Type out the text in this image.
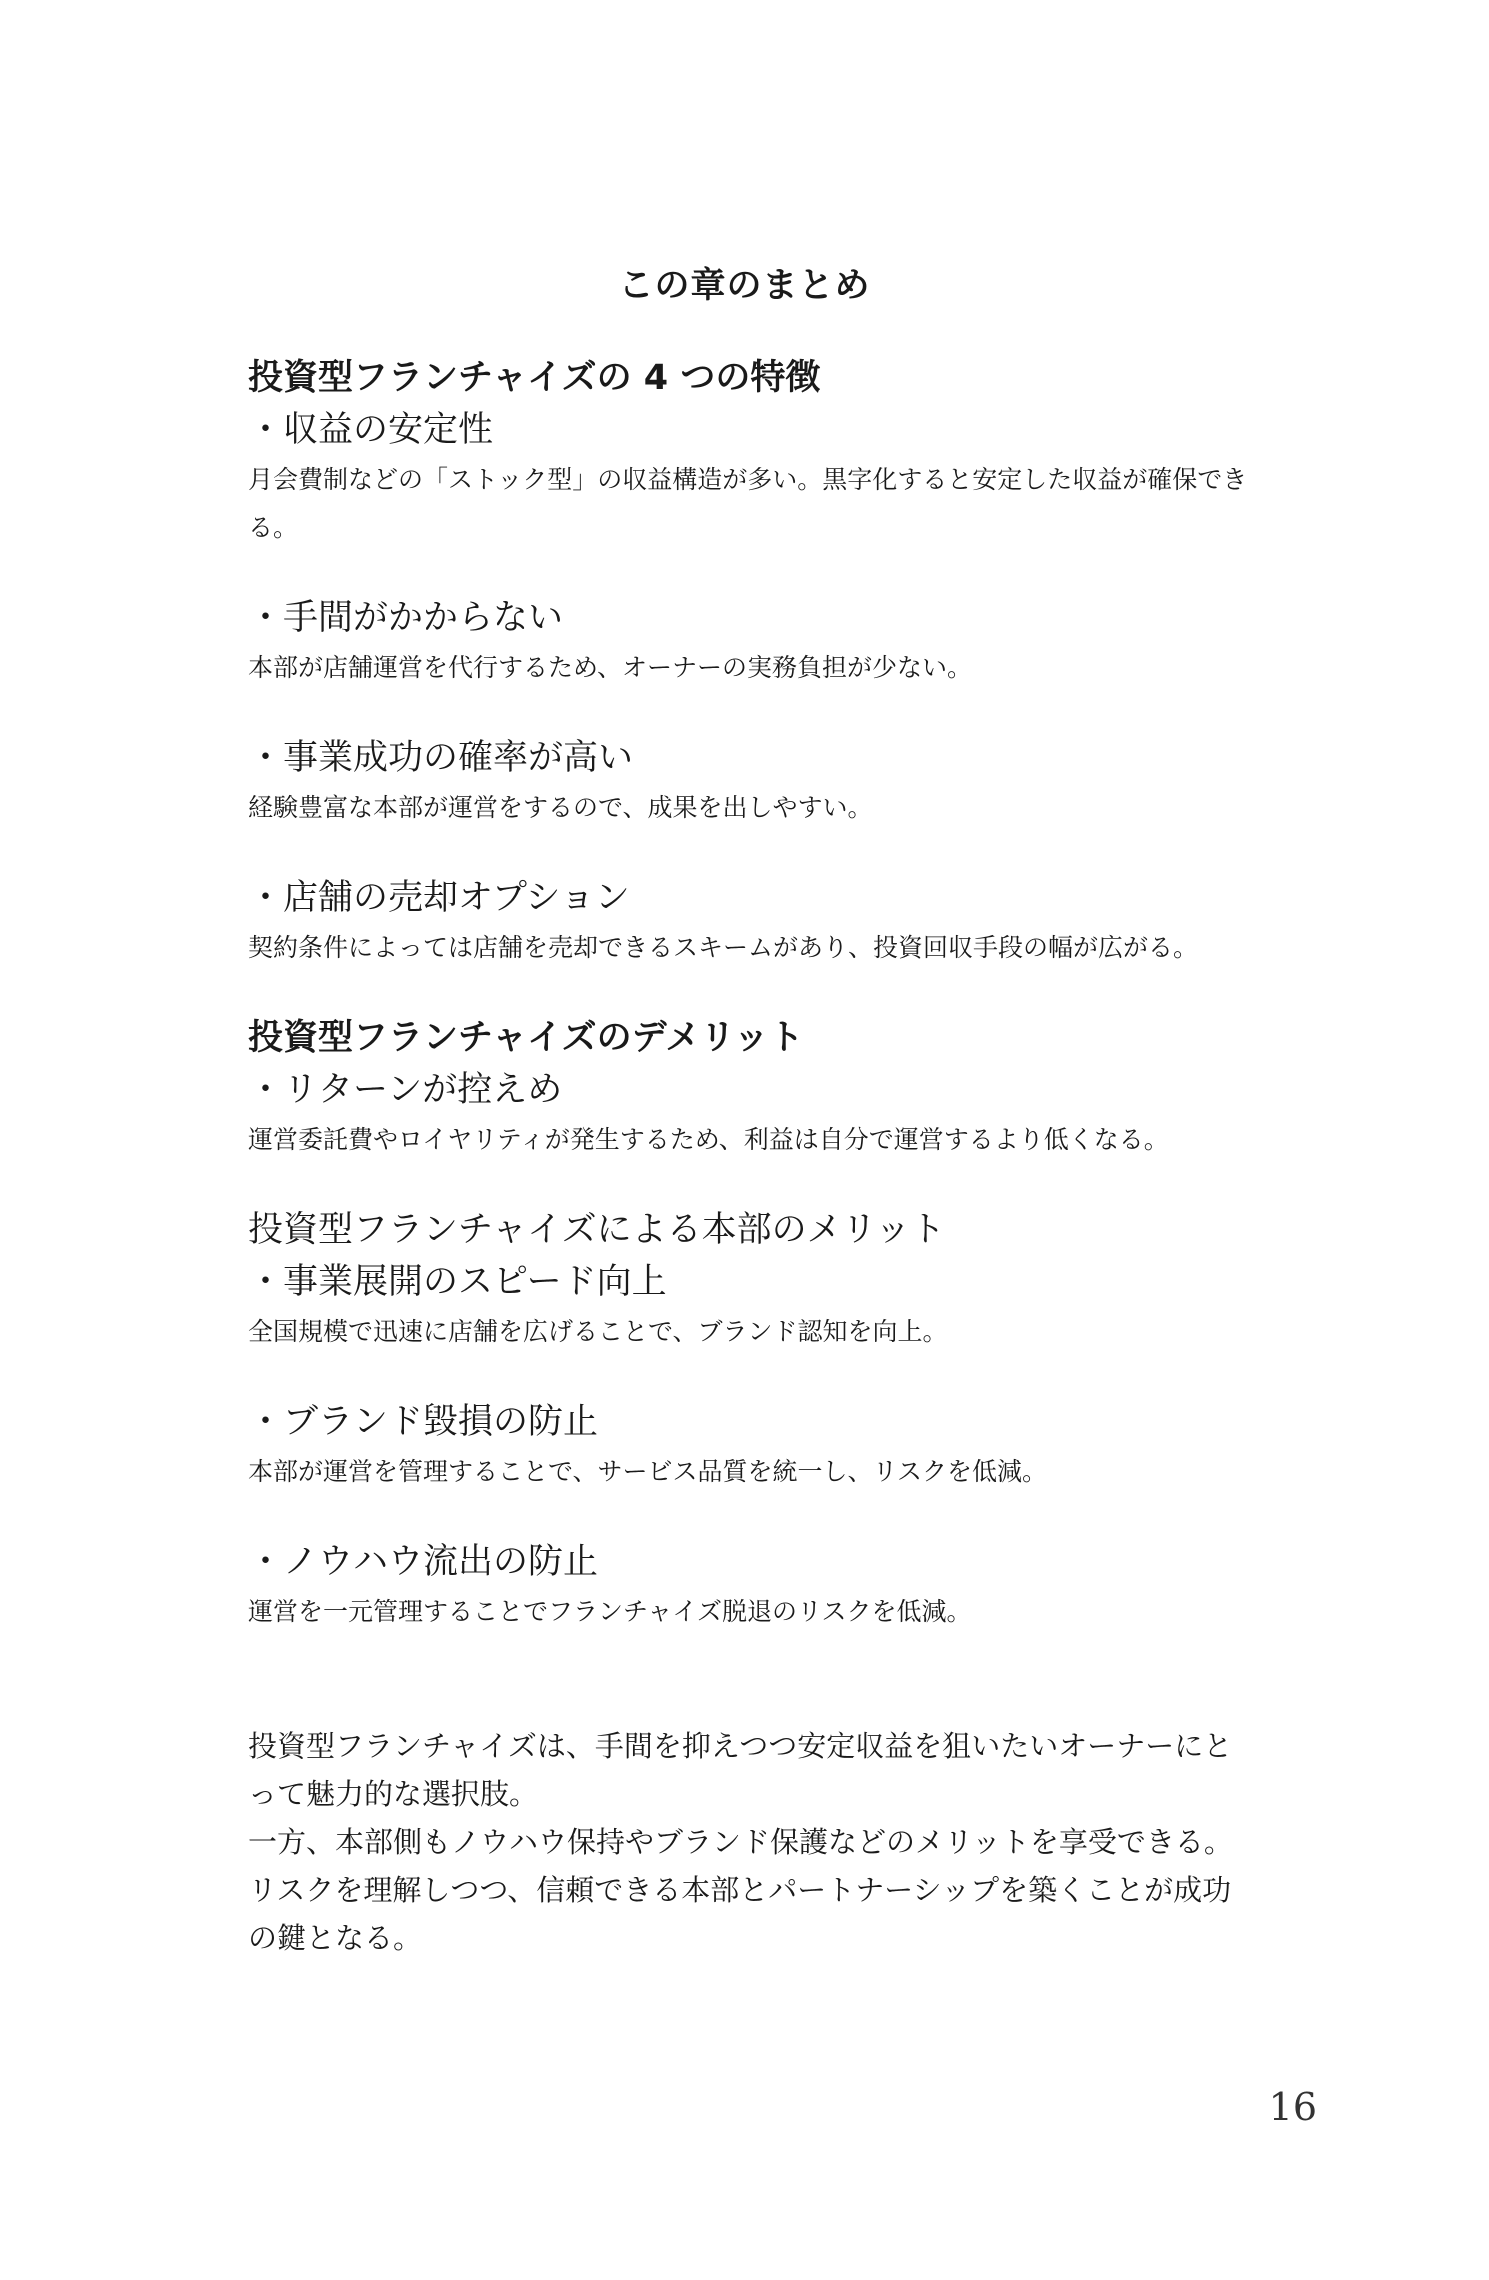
この章のまとめ
投資型フランチャイズの 4 つの特徴
・収益の安定性

月会費制などの「ストック型」の収益構造が多い。黒字化すると安定した収益が確保できる。

・手間がかからない

本部が店舗運営を代行するため、オーナーの実務負担が少ない。

・事業成功の確率が高い

経験豊富な本部が運営をするので、成果を出しやすい。

・店舗の売却オプション

契約条件によっては店舗を売却できるスキームがあり、投資回収手段の幅が広がる。

投資型フランチャイズのデメリット
・リターンが控えめ

運営委託費やロイヤリティが発生するため、利益は自分で運営するより低くなる。

投資型フランチャイズによる本部のメリット
・事業展開のスピード向上

全国規模で迅速に店舗を広げることで、ブランド認知を向上。

・ブランド毀損の防止

本部が運営を管理することで、サービス品質を統一し、リスクを低減。

・ノウハウ流出の防止

運営を一元管理することでフランチャイズ脱退のリスクを低減。

投資型フランチャイズは、手間を抑えつつ安定収益を狙いたいオーナーにとって魅力的な選択肢。

一方、本部側もノウハウ保持やブランド保護などのメリットを享受できる。

リスクを理解しつつ、信頼できる本部とパートナーシップを築くことが成功の鍵となる。

16
